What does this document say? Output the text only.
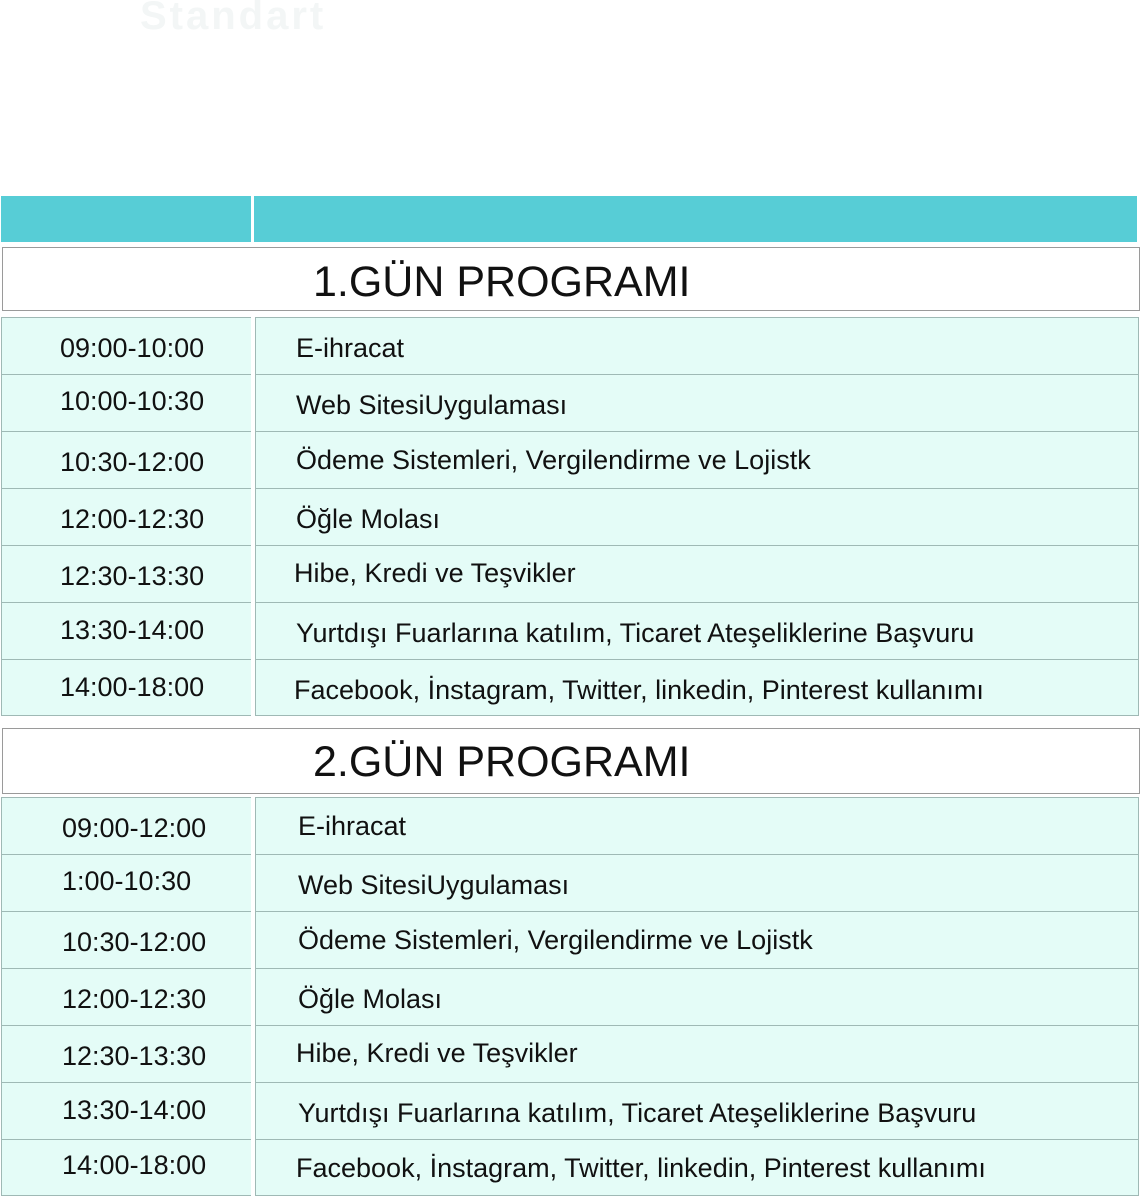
Standart

1.GÜN PROGRAMI
09:00-10:00	E-ihracat
10:00-10:30	Web SitesiUygulaması
10:30-12:00	Ödeme Sistemleri, Vergilendirme ve Lojistk
12:00-12:30	Öğle Molası
12:30-13:30	Hibe, Kredi ve Teşvikler
13:30-14:00	Yurtdışı Fuarlarına katılım, Ticaret Ateşeliklerine Başvuru
14:00-18:00	Facebook, İnstagram, Twitter, linkedin, Pinterest kullanımı
2.GÜN PROGRAMI
09:00-12:00	E-ihracat
1:00-10:30	Web SitesiUygulaması
10:30-12:00	Ödeme Sistemleri, Vergilendirme ve Lojistk
12:00-12:30	Öğle Molası
12:30-13:30	Hibe, Kredi ve Teşvikler
13:30-14:00	Yurtdışı Fuarlarına katılım, Ticaret Ateşeliklerine Başvuru
14:00-18:00	Facebook, İnstagram, Twitter, linkedin, Pinterest kullanımı
